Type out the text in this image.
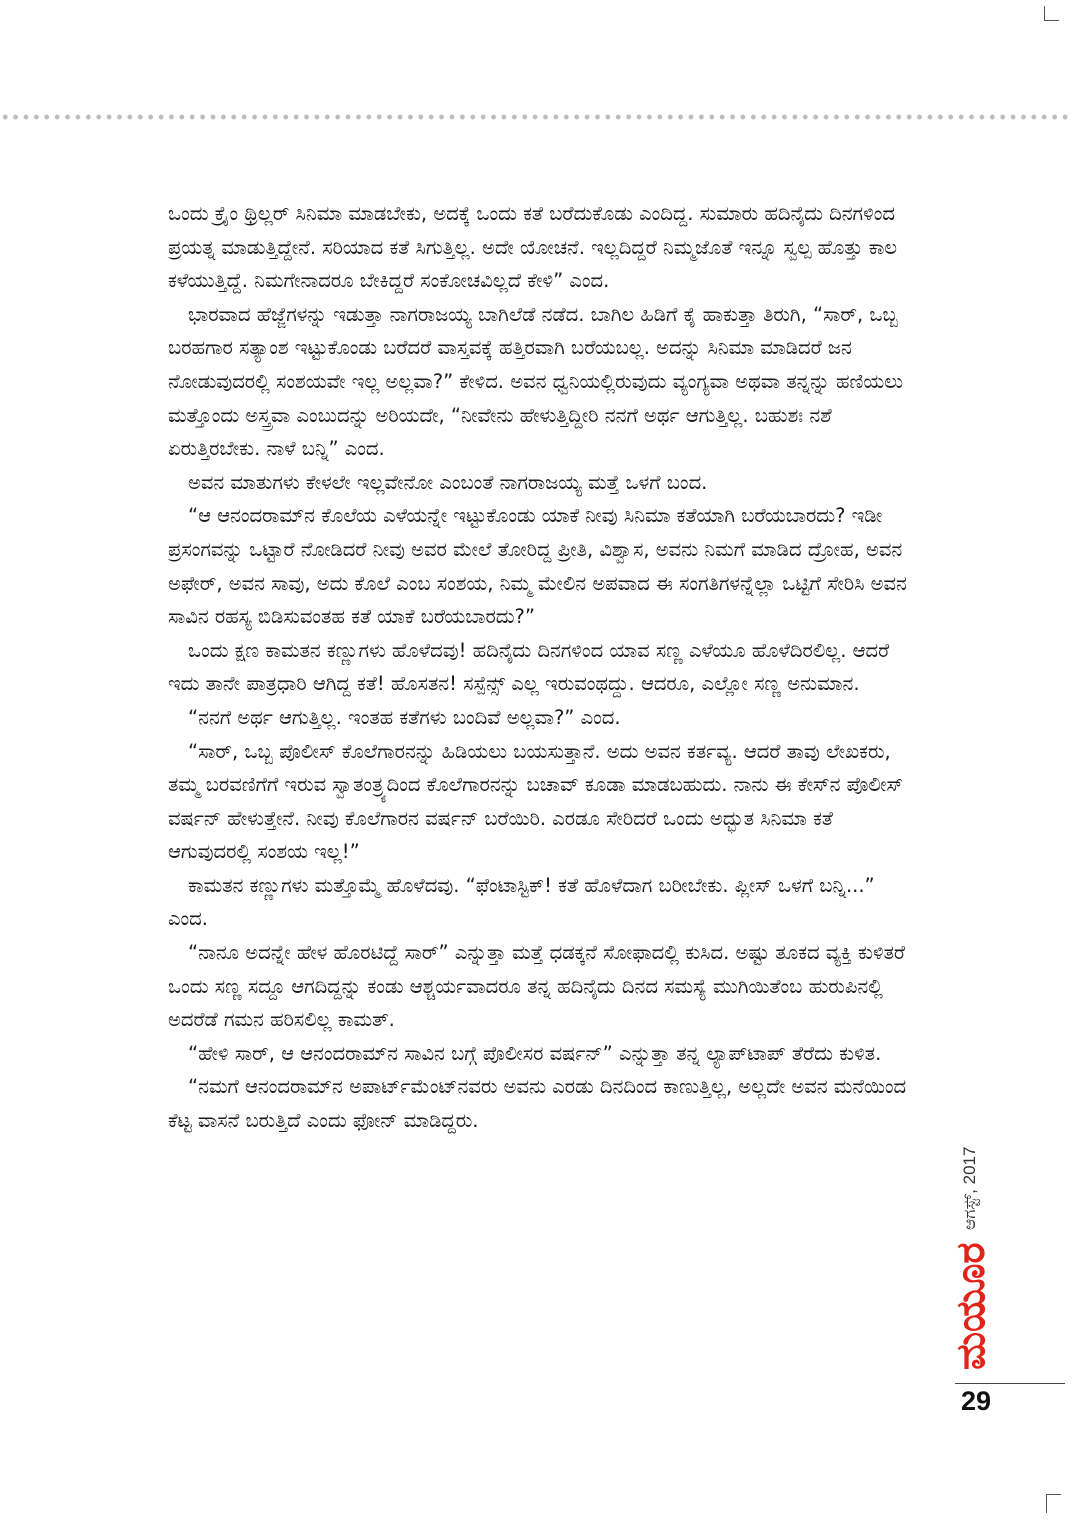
ಒಂದು ಕ್ರೈಂ ಥ್ರಿಲ್ಲರ್ ಸಿನಿಮಾ ಮಾಡಬೇಕು, ಅದಕ್ಕೆ ಒಂದು ಕತೆ ಬರೆದುಕೊಡು ಎಂದಿದ್ದ. ಸುಮಾರು ಹದಿನೈದು ದಿನಗಳಿಂದ ಪ್ರಯತ್ನ ಮಾಡುತ್ತಿದ್ದೇನೆ. ಸರಿಯಾದ ಕತೆ ಸಿಗುತ್ತಿಲ್ಲ. ಅದೇ ಯೋಚನೆ. ಇಲ್ಲದಿದ್ದರೆ ನಿಮ್ಮಜೊತೆ ಇನ್ನೂ ಸ್ವಲ್ಪ ಹೊತ್ತು ಕಾಲ ಕಳೆಯುತ್ತಿದ್ದೆ. ನಿಮಗೇನಾದರೂ ಬೇಕಿದ್ದರೆ ಸಂಕೋಚವಿಲ್ಲದೆ ಕೇಳಿ” ಎಂದ.

ಭಾರವಾದ ಹೆಜ್ಜೆಗಳನ್ನು ಇಡುತ್ತಾ ನಾಗರಾಜಯ್ಯ ಬಾಗಿಲೆಡೆ ನಡೆದ. ಬಾಗಿಲ ಹಿಡಿಗೆ ಕೈ ಹಾಕುತ್ತಾ ತಿರುಗಿ, “ಸಾರ್, ಒಬ್ಬ ಬರಹಗಾರ ಸತ್ಯಾಂಶ ಇಟ್ಟುಕೊಂಡು ಬರೆದರೆ ವಾಸ್ತವಕ್ಕೆ ಹತ್ತಿರವಾಗಿ ಬರೆಯಬಲ್ಲ. ಅದನ್ನು ಸಿನಿಮಾ ಮಾಡಿದರೆ ಜನ ನೋಡುವುದರಲ್ಲಿ ಸಂಶಯವೇ ಇಲ್ಲ ಅಲ್ಲವಾ?” ಕೇಳಿದ. ಅವನ ಧ್ವನಿಯಲ್ಲಿರುವುದು ವ್ಯಂಗ್ಯವಾ ಅಥವಾ ತನ್ನನ್ನು ಹಣಿಯಲು ಮತ್ತೊಂದು ಅಸ್ತ್ರವಾ ಎಂಬುದನ್ನು ಅರಿಯದೇ, “ನೀವೇನು ಹೇಳುತ್ತಿದ್ದೀರಿ ನನಗೆ ಅರ್ಥ ಆಗುತ್ತಿಲ್ಲ. ಬಹುಶಃ ನಶೆ ಏರುತ್ತಿರಬೇಕು. ನಾಳೆ ಬನ್ನಿ” ಎಂದ.

ಅವನ ಮಾತುಗಳು ಕೇಳಲೇ ಇಲ್ಲವೇನೋ ಎಂಬಂತೆ ನಾಗರಾಜಯ್ಯ ಮತ್ತೆ ಒಳಗೆ ಬಂದ.

“ಆ ಆನಂದರಾಮ್‌ನ ಕೊಲೆಯ ಎಳೆಯನ್ನೇ ಇಟ್ಟುಕೊಂಡು ಯಾಕೆ ನೀವು ಸಿನಿಮಾ ಕತೆಯಾಗಿ ಬರೆಯಬಾರದು? ಇಡೀ ಪ್ರಸಂಗವನ್ನು ಒಟ್ಟಾರೆ ನೋಡಿದರೆ ನೀವು ಅವರ ಮೇಲೆ ತೋರಿದ್ದ ಪ್ರೀತಿ, ವಿಶ್ವಾಸ, ಅವನು ನಿಮಗೆ ಮಾಡಿದ ದ್ರೋಹ, ಅವನ ಅಫೇರ್, ಅವನ ಸಾವು, ಅದು ಕೊಲೆ ಎಂಬ ಸಂಶಯ, ನಿಮ್ಮ ಮೇಲಿನ ಅಪವಾದ ಈ ಸಂಗತಿಗಳನ್ನೆಲ್ಲಾ ಒಟ್ಟಿಗೆ ಸೇರಿಸಿ ಅವನ ಸಾವಿನ ರಹಸ್ಯ ಬಿಡಿಸುವಂತಹ ಕತೆ ಯಾಕೆ ಬರೆಯಬಾರದು?”

ಒಂದು ಕ್ಷಣ ಕಾಮತನ ಕಣ್ಣುಗಳು ಹೊಳೆದವು! ಹದಿನೈದು ದಿನಗಳಿಂದ ಯಾವ ಸಣ್ಣ ಎಳೆಯೂ ಹೊಳೆದಿರಲಿಲ್ಲ. ಆದರೆ ಇದು ತಾನೇ ಪಾತ್ರಧಾರಿ ಆಗಿದ್ದ ಕತೆ! ಹೊಸತನ! ಸಸ್ಪೆನ್ಸ್ ಎಲ್ಲ ಇರುವಂಥದ್ದು. ಆದರೂ, ಎಲ್ಲೋ ಸಣ್ಣ ಅನುಮಾನ.

“ನನಗೆ ಅರ್ಥ ಆಗುತ್ತಿಲ್ಲ. ಇಂತಹ ಕತೆಗಳು ಬಂದಿವೆ ಅಲ್ಲವಾ?” ಎಂದ.

“ಸಾರ್, ಒಬ್ಬ ಪೊಲೀಸ್ ಕೊಲೆಗಾರನನ್ನು ಹಿಡಿಯಲು ಬಯಸುತ್ತಾನೆ. ಅದು ಅವನ ಕರ್ತವ್ಯ. ಆದರೆ ತಾವು ಲೇಖಕರು, ತಮ್ಮ ಬರವಣಿಗೆಗೆ ಇರುವ ಸ್ವಾತಂತ್ರ್ಯದಿಂದ ಕೊಲೆಗಾರನನ್ನು ಬಚಾವ್ ಕೂಡಾ ಮಾಡಬಹುದು. ನಾನು ಈ ಕೇಸ್‌ನ ಪೊಲೀಸ್ ವರ್ಷನ್ ಹೇಳುತ್ತೇನೆ. ನೀವು ಕೊಲೆಗಾರನ ವರ್ಷನ್ ಬರೆಯಿರಿ. ಎರಡೂ ಸೇರಿದರೆ ಒಂದು ಅದ್ಭುತ ಸಿನಿಮಾ ಕತೆ ಆಗುವುದರಲ್ಲಿ ಸಂಶಯ ಇಲ್ಲ!”

ಕಾಮತನ ಕಣ್ಣುಗಳು ಮತ್ತೊಮ್ಮೆ ಹೊಳೆದವು. “ಫೆಂಟಾಸ್ಟಿಕ್! ಕತೆ ಹೊಳೆದಾಗ ಬರೀಬೇಕು. ಪ್ಲೀಸ್ ಒಳಗೆ ಬನ್ನಿ...” ಎಂದ.

“ನಾನೂ ಅದನ್ನೇ ಹೇಳ ಹೊರಟಿದ್ದೆ ಸಾರ್” ಎನ್ನುತ್ತಾ ಮತ್ತೆ ಧಡಕ್ಕನೆ ಸೋಫಾದಲ್ಲಿ ಕುಸಿದ. ಅಷ್ಟು ತೂಕದ ವ್ಯಕ್ತಿ ಕುಳಿತರೆ ಒಂದು ಸಣ್ಣ ಸದ್ದೂ ಆಗದಿದ್ದನ್ನು ಕಂಡು ಆಶ್ಚರ್ಯವಾದರೂ ತನ್ನ ಹದಿನೈದು ದಿನದ ಸಮಸ್ಯೆ ಮುಗಿಯಿತೆಂಬ ಹುರುಪಿನಲ್ಲಿ ಅದರೆಡೆ ಗಮನ ಹರಿಸಲಿಲ್ಲ ಕಾಮತ್.

“ಹೇಳಿ ಸಾರ್, ಆ ಆನಂದರಾಮ್‌ನ ಸಾವಿನ ಬಗ್ಗೆ ಪೊಲೀಸರ ವರ್ಷನ್” ಎನ್ನುತ್ತಾ ತನ್ನ ಲ್ಯಾಪ್‌ಟಾಪ್ ತೆರೆದು ಕುಳಿತ.

“ನಮಗೆ ಆನಂದರಾಮ್‌ನ ಅಪಾರ್ಟ್‌ಮೆಂಟ್‌ನವರು ಅವನು ಎರಡು ದಿನದಿಂದ ಕಾಣುತ್ತಿಲ್ಲ, ಅಲ್ಲದೇ ಅವನ ಮನೆಯಿಂದ ಕೆಟ್ಟ ವಾಸನೆ ಬರುತ್ತಿದೆ ಎಂದು ಫೋನ್ ಮಾಡಿದ್ದರು.

ಆಗಸ್ಟ್, 2017
ಮಯೂರ
29
